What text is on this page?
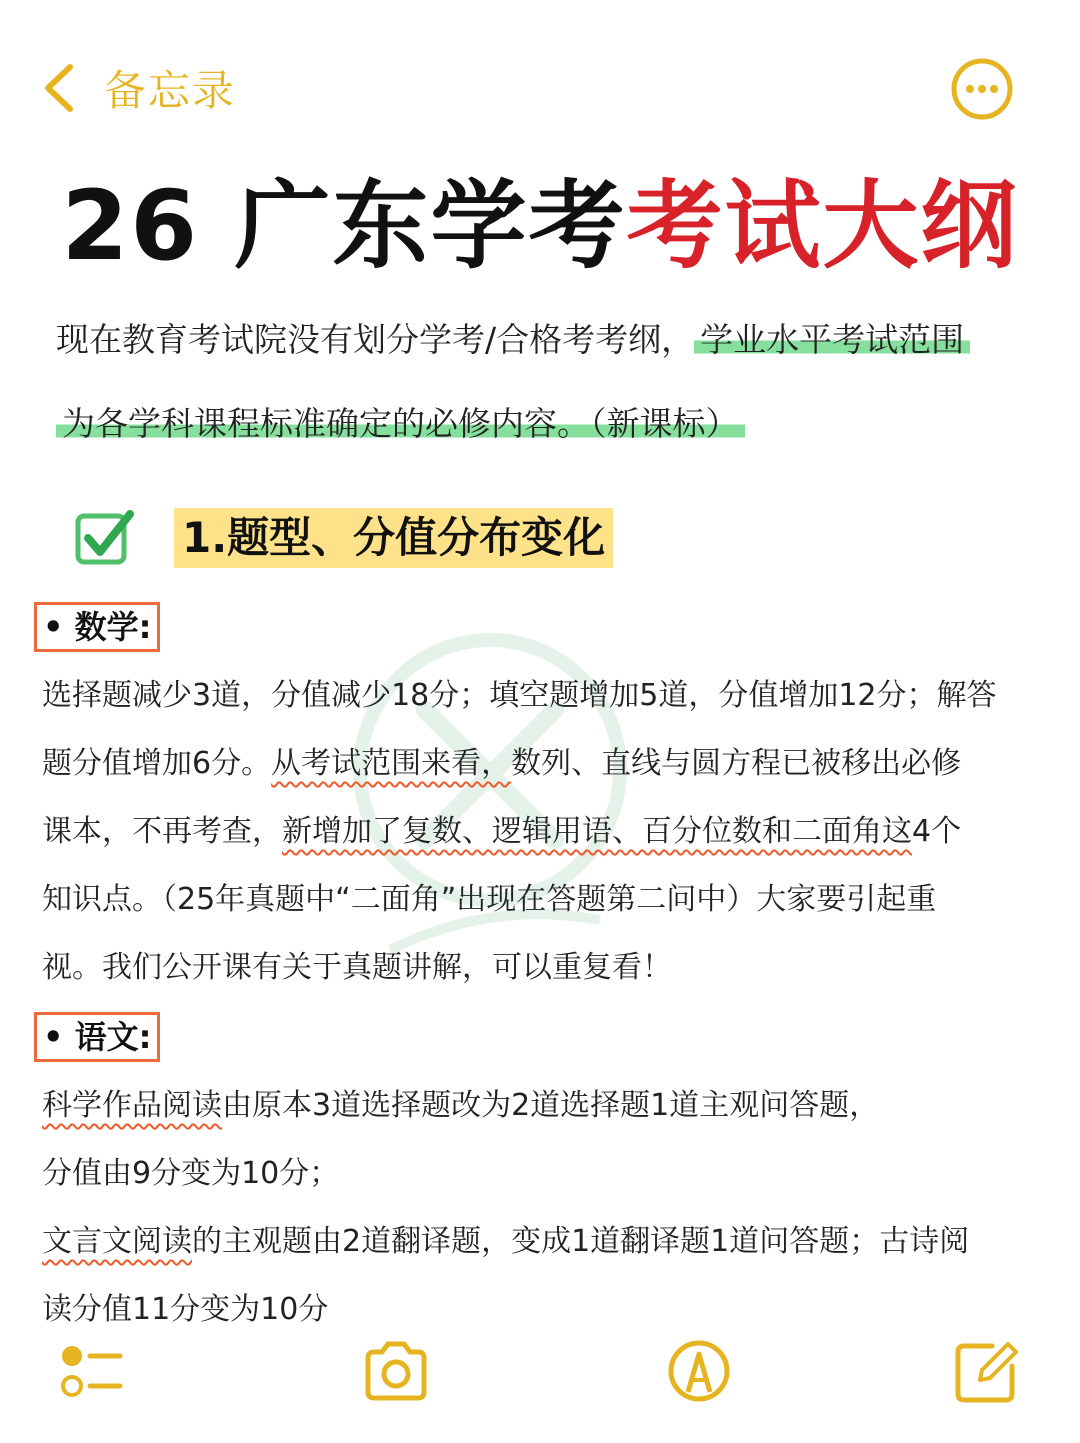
备忘录
26 广东学考考试大纲
现在教育考试院没有划分学考/合格考考纲， 学业水平考试范围
为各学科课程标准确定的必修内容。（新课标）
1.题型、分值分布变化
• 数学:
选择题减少3道，分值减少18分；填空题增加5道，分值增加12分；解答
题分值增加6分。从考试范围来看，数列、直线与圆方程已被移出必修
课本，不再考查，新增加了复数、逻辑用语、百分位数和二面角这4个
知识点。（25年真题中“二面角”出现在答题第二问中）大家要引起重
视。我们公开课有关于真题讲解，可以重复看！
• 语文:
科学作品阅读由原本3道选择题改为2道选择题1道主观问答题，
分值由9分变为10分；
文言文阅读的主观题由2道翻译题，变成1道翻译题1道问答题；古诗阅
读分值11分变为10分
